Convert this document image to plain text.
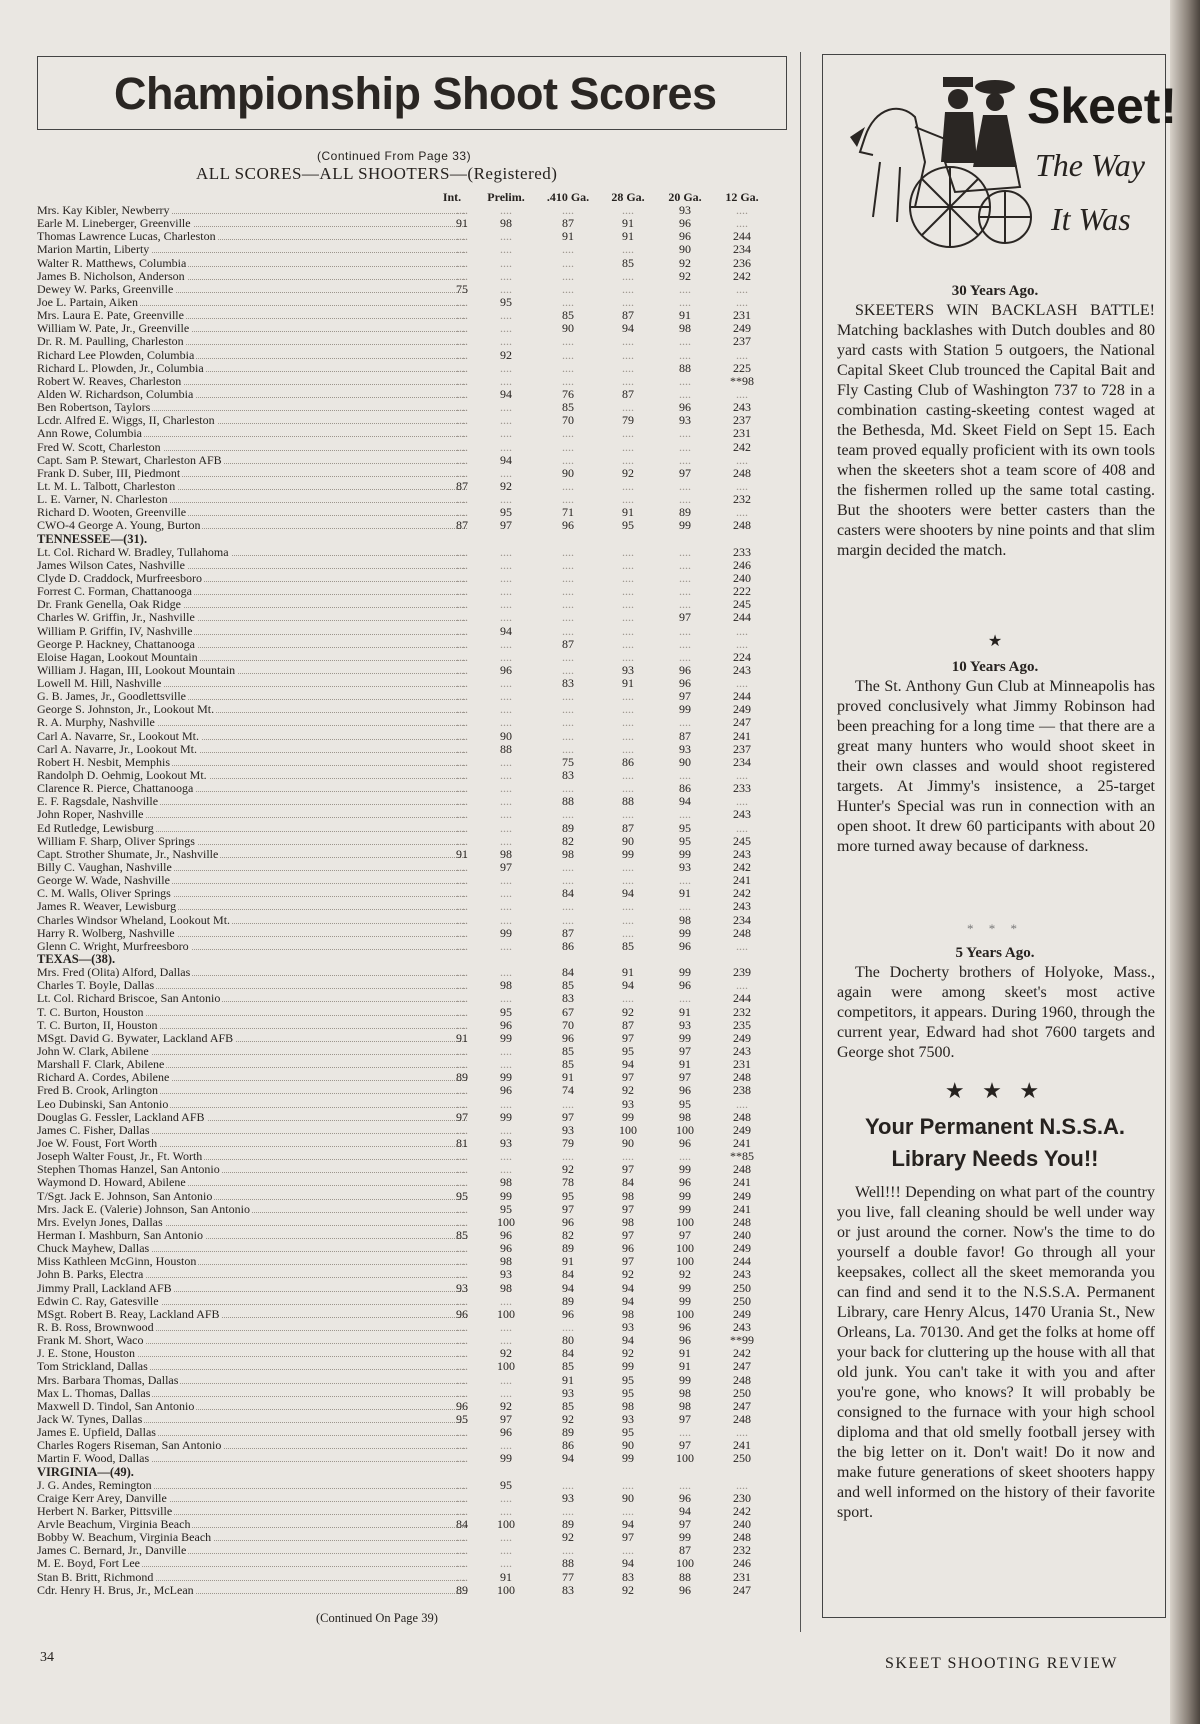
Championship Shoot Scores
(Continued From Page 33)
ALL SCORES—ALL SHOOTERS—(Registered)
Int.	Prelim.	.410 Ga.	28 Ga.	20 Ga.	12 Ga.
Mrs. Kay Kibler, Newberry	....	....	....	....	93	....
Earle M. Lineberger, Greenville	91	98	87	91	96	....
Thomas Lawrence Lucas, Charleston	....	....	91	91	96	244
Marion Martin, Liberty	....	....	....	....	90	234
Walter R. Matthews, Columbia	....	....	....	85	92	236
James B. Nicholson, Anderson	....	....	....	....	92	242
Dewey W. Parks, Greenville	75	....	....	....	....	....
Joe L. Partain, Aiken	....	95	....	....	....	....
Mrs. Laura E. Pate, Greenville	....	....	85	87	91	231
William W. Pate, Jr., Greenville	....	....	90	94	98	249
Dr. R. M. Paulling, Charleston	....	....	....	....	....	237
Richard Lee Plowden, Columbia	....	92	....	....	....	....
Richard L. Plowden, Jr., Columbia	....	....	....	....	88	225
Robert W. Reaves, Charleston	....	....	....	....	....	**98
Alden W. Richardson, Columbia	....	94	76	87	....	....
Ben Robertson, Taylors	....	....	85	....	96	243
Lcdr. Alfred E. Wiggs, II, Charleston	....	....	70	79	93	237
Ann Rowe, Columbia	....	....	....	....	....	231
Fred W. Scott, Charleston	....	....	....	....	....	242
Capt. Sam P. Stewart, Charleston AFB	....	94	....	....	....	....
Frank D. Suber, III, Piedmont	....	....	90	92	97	248
Lt. M. L. Talbott, Charleston	87	92	....	....	....	....
L. E. Varner, N. Charleston	....	....	....	....	....	232
Richard D. Wooten, Greenville	....	95	71	91	89	....
CWO-4 George A. Young, Burton	87	97	96	95	99	248
TENNESSEE—(31).
Lt. Col. Richard W. Bradley, Tullahoma	....	....	....	....	....	233
James Wilson Cates, Nashville	....	....	....	....	....	246
Clyde D. Craddock, Murfreesboro	....	....	....	....	....	240
Forrest C. Forman, Chattanooga	....	....	....	....	....	222
Dr. Frank Genella, Oak Ridge	....	....	....	....	....	245
Charles W. Griffin, Jr., Nashville	....	....	....	....	97	244
William P. Griffin, IV, Nashville	....	94	....	....	....	....
George P. Hackney, Chattanooga	....	....	87	....	....	....
Eloise Hagan, Lookout Mountain	....	....	....	....	....	224
William J. Hagan, III, Lookout Mountain	....	96	....	93	96	243
Lowell M. Hill, Nashville	....	....	83	91	96	....
G. B. James, Jr., Goodlettsville	....	....	....	....	97	244
George S. Johnston, Jr., Lookout Mt.	....	....	....	....	99	249
R. A. Murphy, Nashville	....	....	....	....	....	247
Carl A. Navarre, Sr., Lookout Mt.	....	90	....	....	87	241
Carl A. Navarre, Jr., Lookout Mt.	....	88	....	....	93	237
Robert H. Nesbit, Memphis	....	....	75	86	90	234
Randolph D. Oehmig, Lookout Mt.	....	....	83	....	....	....
Clarence R. Pierce, Chattanooga	....	....	....	....	86	233
E. F. Ragsdale, Nashville	....	....	88	88	94	....
John Roper, Nashville	....	....	....	....	....	243
Ed Rutledge, Lewisburg	....	....	89	87	95	....
William F. Sharp, Oliver Springs	....	....	82	90	95	245
Capt. Strother Shumate, Jr., Nashville	91	98	98	99	99	243
Billy C. Vaughan, Nashville	....	97	....	....	93	242
George W. Wade, Nashville	....	....	....	....	....	241
C. M. Walls, Oliver Springs	....	....	84	94	91	242
James R. Weaver, Lewisburg	....	....	....	....	....	243
Charles Windsor Wheland, Lookout Mt.	....	....	....	....	98	234
Harry R. Wolberg, Nashville	....	99	87	....	99	248
Glenn C. Wright, Murfreesboro	....	....	86	85	96	....
TEXAS—(38).
Mrs. Fred (Olita) Alford, Dallas	....	....	84	91	99	239
Charles T. Boyle, Dallas	....	98	85	94	96	....
Lt. Col. Richard Briscoe, San Antonio	....	....	83	....	....	244
T. C. Burton, Houston	....	95	67	92	91	232
T. C. Burton, II, Houston	....	96	70	87	93	235
MSgt. David G. Bywater, Lackland AFB	91	99	96	97	99	249
John W. Clark, Abilene	....	....	85	95	97	243
Marshall F. Clark, Abilene	....	....	85	94	91	231
Richard A. Cordes, Abilene	89	99	91	97	97	248
Fred B. Crook, Arlington	....	96	74	92	96	238
Leo Dubinski, San Antonio	....	....	....	93	95	....
Douglas G. Fessler, Lackland AFB	97	99	97	99	98	248
James C. Fisher, Dallas	....	....	93	100	100	249
Joe W. Foust, Fort Worth	81	93	79	90	96	241
Joseph Walter Foust, Jr., Ft. Worth	....	....	....	....	....	**85
Stephen Thomas Hanzel, San Antonio	....	....	92	97	99	248
Waymond D. Howard, Abilene	....	98	78	84	96	241
T/Sgt. Jack E. Johnson, San Antonio	95	99	95	98	99	249
Mrs. Jack E. (Valerie) Johnson, San Antonio	....	95	97	97	99	241
Mrs. Evelyn Jones, Dallas	....	100	96	98	100	248
Herman I. Mashburn, San Antonio	85	96	82	97	97	240
Chuck Mayhew, Dallas	....	96	89	96	100	249
Miss Kathleen McGinn, Houston	....	98	91	97	100	244
John B. Parks, Electra	....	93	84	92	92	243
Jimmy Prall, Lackland AFB	93	98	94	94	99	250
Edwin C. Ray, Gatesville	....	....	89	94	99	250
MSgt. Robert B. Reay, Lackland AFB	96	100	96	98	100	249
R. B. Ross, Brownwood	....	....	....	93	96	243
Frank M. Short, Waco	....	....	80	94	96	**99
J. E. Stone, Houston	....	92	84	92	91	242
Tom Strickland, Dallas	....	100	85	99	91	247
Mrs. Barbara Thomas, Dallas	....	....	91	95	99	248
Max L. Thomas, Dallas	....	....	93	95	98	250
Maxwell D. Tindol, San Antonio	96	92	85	98	98	247
Jack W. Tynes, Dallas	95	97	92	93	97	248
James E. Upfield, Dallas	....	96	89	95	....	....
Charles Rogers Riseman, San Antonio	....	....	86	90	97	241
Martin F. Wood, Dallas	....	99	94	99	100	250
VIRGINIA—(49).
J. G. Andes, Remington	....	95	....	....	....	....
Craige Kerr Arey, Danville	....	....	93	90	96	230
Herbert N. Barker, Pittsville	....	....	....	....	94	242
Arvle Beachum, Virginia Beach	84	100	89	94	97	240
Bobby W. Beachum, Virginia Beach	....	....	92	97	99	248
James C. Bernard, Jr., Danville	....	....	....	....	87	232
M. E. Boyd, Fort Lee	....	....	88	94	100	246
Stan B. Britt, Richmond	....	91	77	83	88	231
Cdr. Henry H. Brus, Jr., McLean	89	100	83	92	96	247
(Continued On Page 39)
34	SKEET SHOOTING REVIEW
Skeet!
The Way
It Was
30 Years Ago.
SKEETERS WIN BACKLASH BATTLE! Matching backlashes with Dutch doubles and 80 yard casts with Station 5 outgoers, the National Capital Skeet Club trounced the Capital Bait and Fly Casting Club of Washington 737 to 728 in a combination casting-skeeting contest waged at the Bethesda, Md. Skeet Field on Sept 15. Each team proved equally proficient with its own tools when the skeeters shot a team score of 408 and the fishermen rolled up the same total casting. But the shooters were better casters than the casters were shooters by nine points and that slim margin decided the match.
★
10 Years Ago.
The St. Anthony Gun Club at Minneapolis has proved conclusively what Jimmy Robinson had been preaching for a long time — that there are a great many hunters who would shoot skeet in their own classes and would shoot registered targets. At Jimmy's insistence, a 25-target Hunter's Special was run in connection with an open shoot. It drew 60 participants with about 20 more turned away because of darkness.
* * *
5 Years Ago.
The Docherty brothers of Holyoke, Mass., again were among skeet's most active competitors, it appears. During 1960, through the current year, Edward had shot 7600 targets and George shot 7500.
★ ★ ★
Your Permanent N.S.S.A.
Library Needs You!!
Well!!! Depending on what part of the country you live, fall cleaning should be well under way or just around the corner. Now's the time to do yourself a double favor! Go through all your keepsakes, collect all the skeet memoranda you can find and send it to the N.S.S.A. Permanent Library, care Henry Alcus, 1470 Urania St., New Orleans, La. 70130. And get the folks at home off your back for cluttering up the house with all that old junk. You can't take it with you and after you're gone, who knows? It will probably be consigned to the furnace with your high school diploma and that old smelly football jersey with the big letter on it. Don't wait! Do it now and make future generations of skeet shooters happy and well informed on the history of their favorite sport.
